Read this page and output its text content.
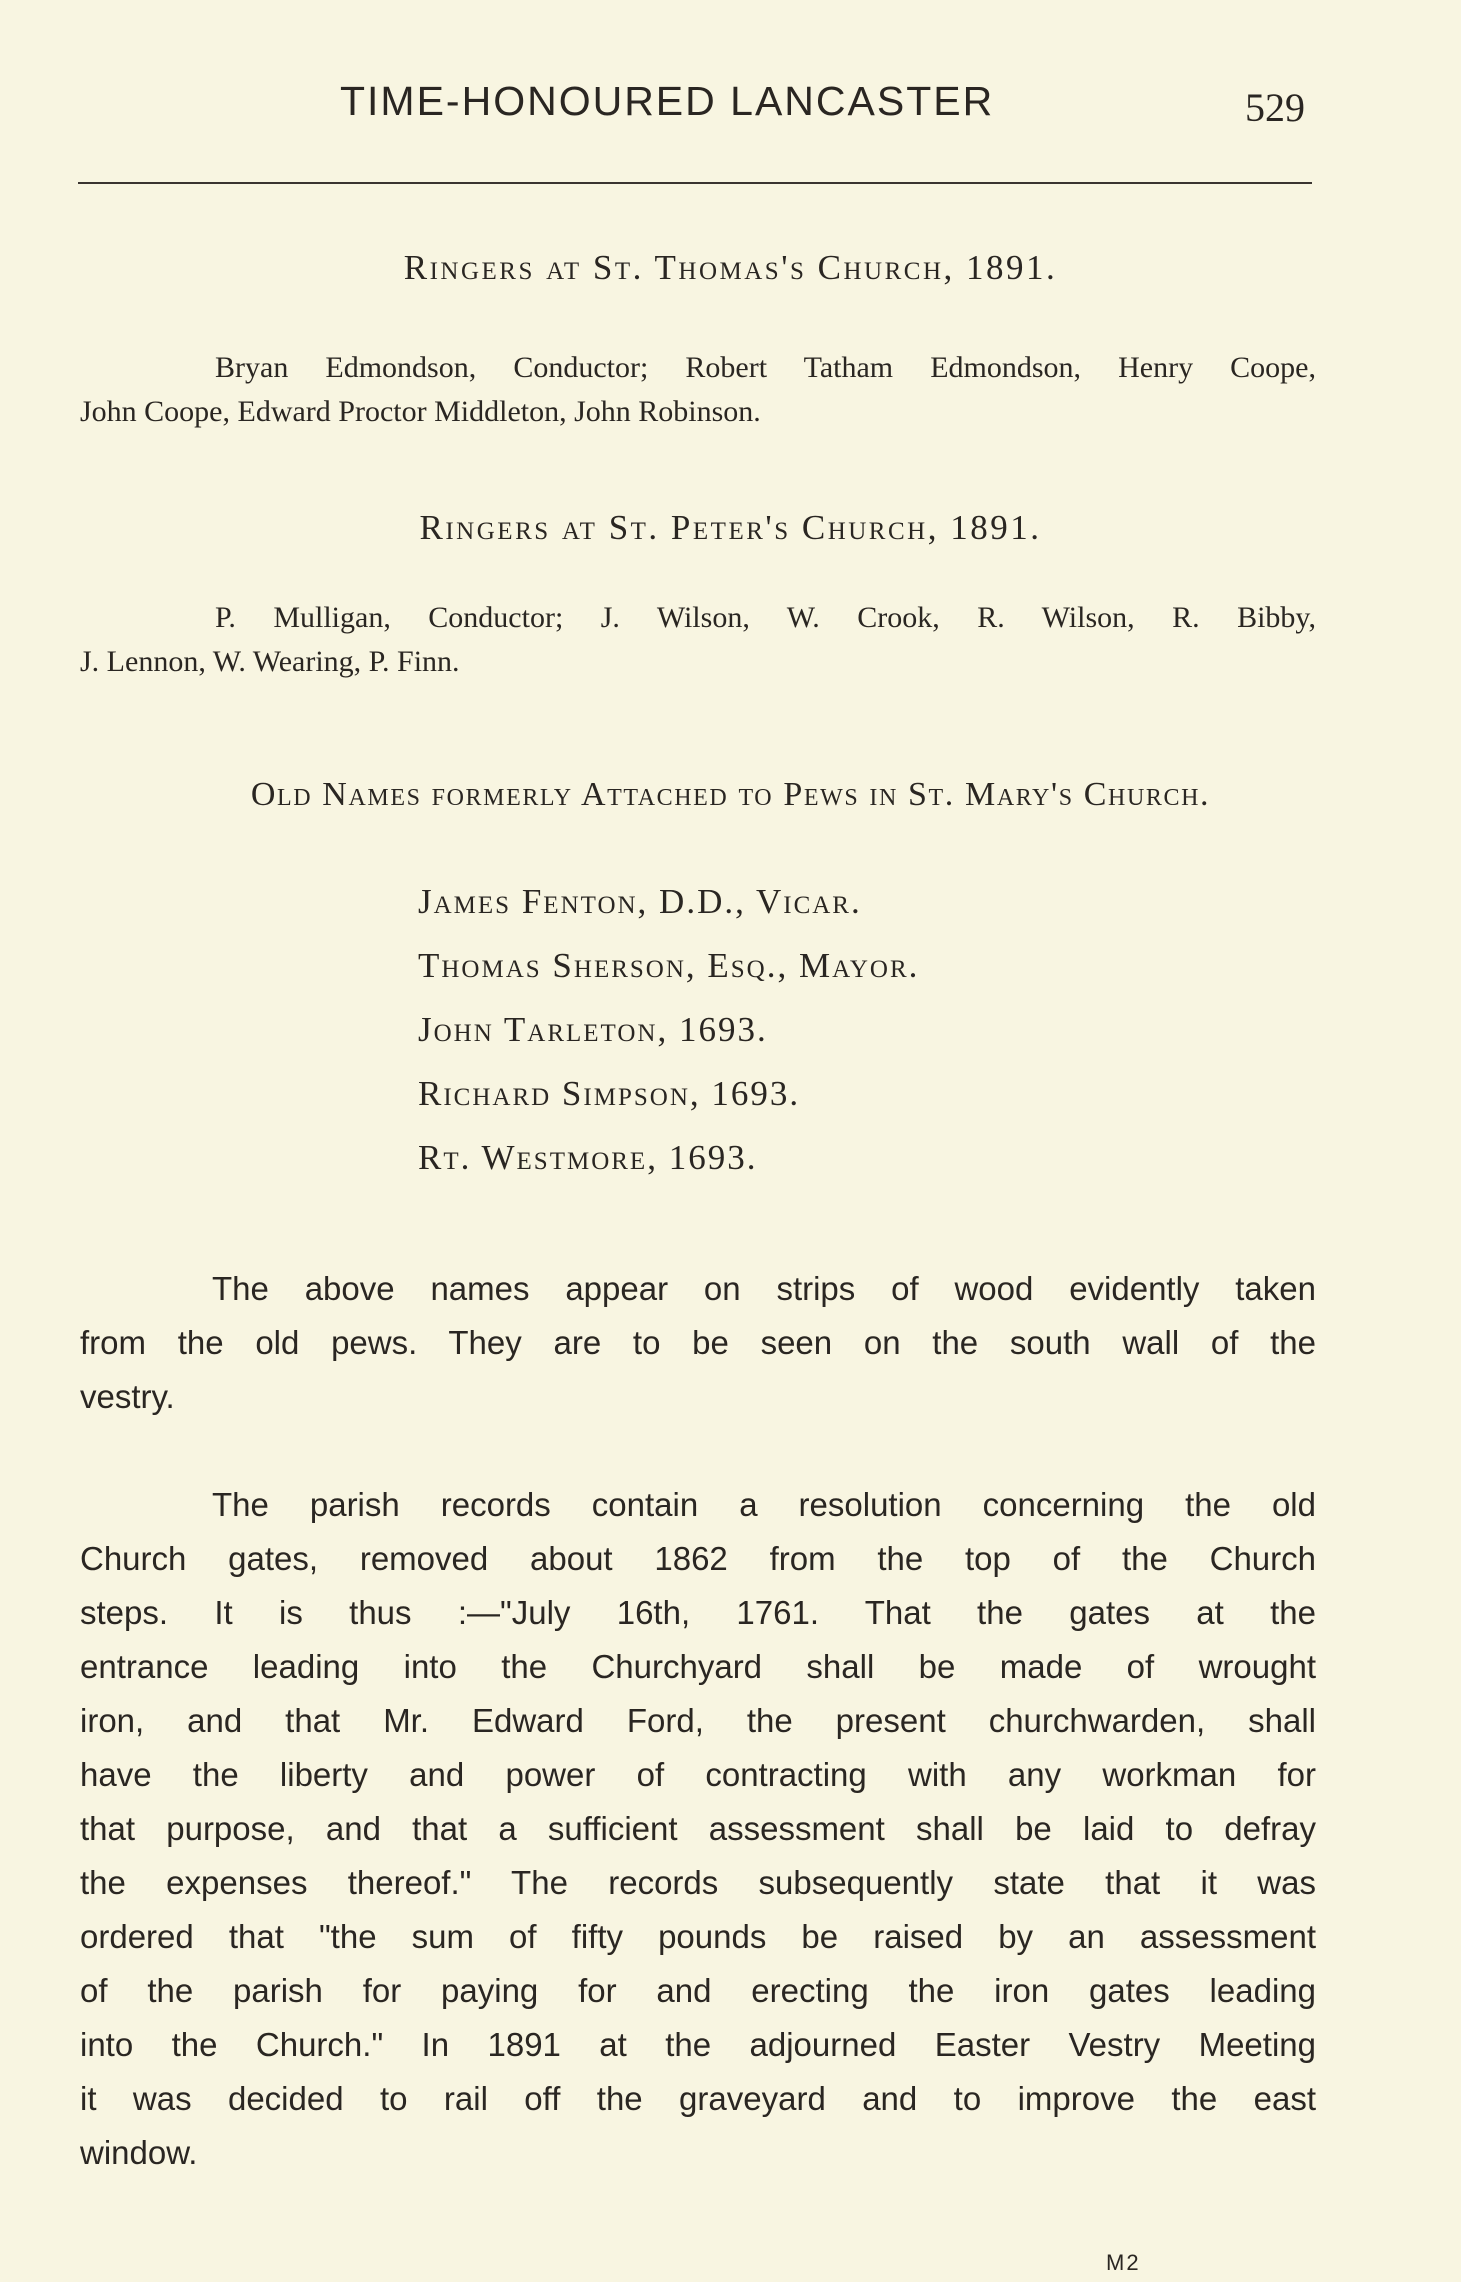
TIME-HONOURED LANCASTER	529
Ringers at St. Thomas's Church, 1891.
Bryan Edmondson, Conductor; Robert Tatham Edmondson, Henry Coope,
John Coope, Edward Proctor Middleton, John Robinson.
Ringers at St. Peter's Church, 1891.
P. Mulligan, Conductor; J. Wilson, W. Crook, R. Wilson, R. Bibby,
J. Lennon, W. Wearing, P. Finn.
Old Names formerly Attached to Pews in St. Mary's Church.
James Fenton, D.D., Vicar.
Thomas Sherson, Esq., Mayor.
John Tarleton, 1693.
Richard Simpson, 1693.
Rt. Westmore, 1693.
The above names appear on strips of wood evidently taken
from the old pews. They are to be seen on the south wall of the
vestry.
The parish records contain a resolution concerning the old
Church gates, removed about 1862 from the top of the Church
steps. It is thus :—"July 16th, 1761. That the gates at the
entrance leading into the Churchyard shall be made of wrought
iron, and that Mr. Edward Ford, the present churchwarden, shall
have the liberty and power of contracting with any workman for
that purpose, and that a sufficient assessment shall be laid to defray
the expenses thereof." The records subsequently state that it was
ordered that "the sum of fifty pounds be raised by an assessment
of the parish for paying for and erecting the iron gates leading
into the Church." In 1891 at the adjourned Easter Vestry Meeting
it was decided to rail off the graveyard and to improve the east
window.
M2
